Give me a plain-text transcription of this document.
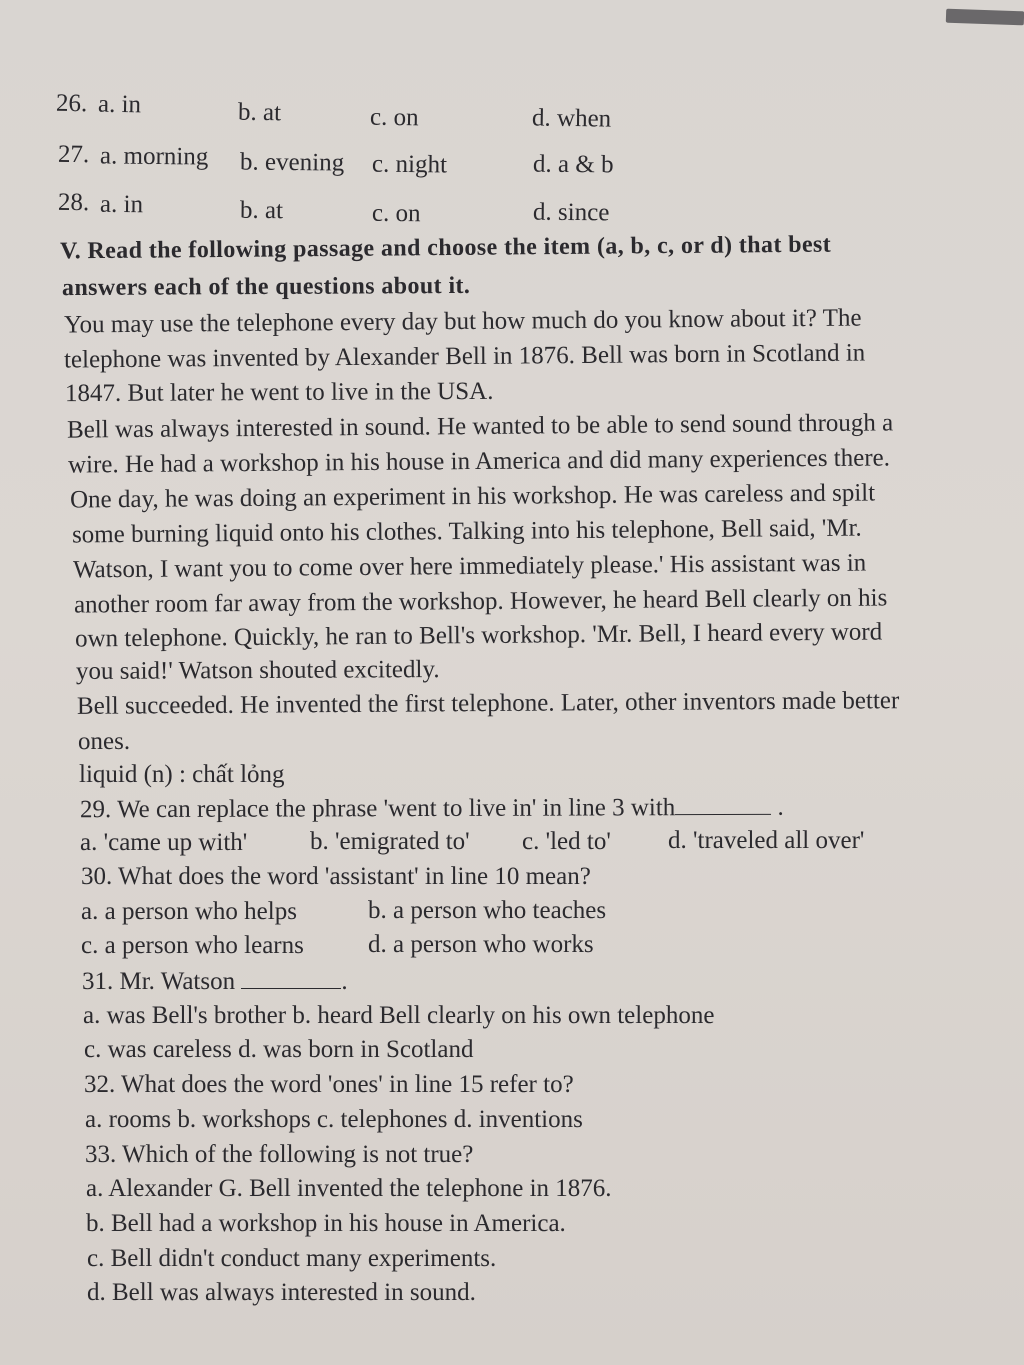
26. a. in	b. at	c. on	d. when
27. a. morning b. evening c. night	d. a & b
28. a. in	b. at	c. on	d. since
V. Read the following passage and choose the item (a, b, c, or d) that best
answers each of the questions about it.
You may use the telephone every day but how much do you know about it? The
telephone was invented by Alexander Bell in 1876. Bell was born in Scotland in
1847. But later he went to live in the USA.
Bell was always interested in sound. He wanted to be able to send sound through a
wire. He had a workshop in his house in America and did many experiences there.
One day, he was doing an experiment in his workshop. He was careless and spilt
some burning liquid onto his clothes. Talking into his telephone, Bell said, 'Mr.
Watson, I want you to come over here immediately please.' His assistant was in
another room far away from the workshop. However, he heard Bell clearly on his
own telephone. Quickly, he ran to Bell's workshop. 'Mr. Bell, I heard every word
you said!' Watson shouted excitedly.
Bell succeeded. He invented the first telephone. Later, other inventors made better
ones.
liquid (n) : chất lỏng
29. We can replace the phrase 'went to live in' in line 3 with	.
a. 'came up with'	b. 'emigrated to' c. 'led to' d. 'traveled all over'
30. What does the word 'assistant' in line 10 mean?
a. a person who helps	b. a person who teaches
c. a person who learns	d. a person who works
31. Mr. Watson	.
a. was Bell's brother b. heard Bell clearly on his own telephone
c. was careless d. was born in Scotland
32. What does the word 'ones' in line 15 refer to?
a. rooms b. workshops c. telephones d. inventions
33. Which of the following is not true?
a. Alexander G. Bell invented the telephone in 1876.
b. Bell had a workshop in his house in America.
c. Bell didn't conduct many experiments.
d. Bell was always interested in sound.
